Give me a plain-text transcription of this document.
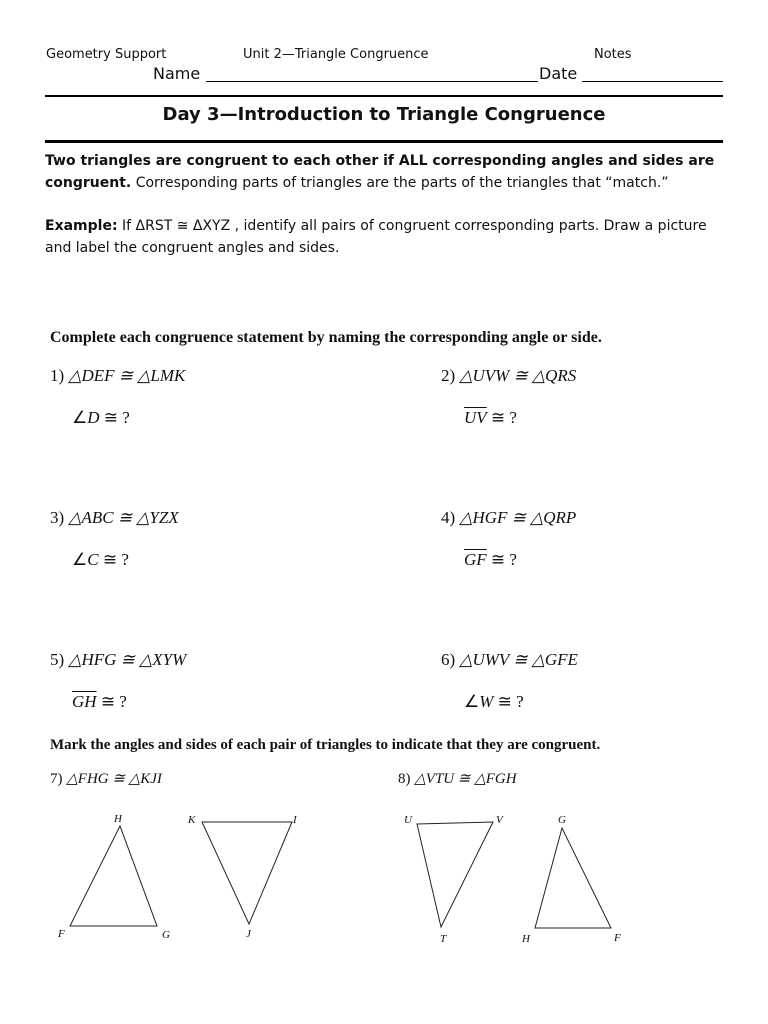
Geometry Support	Unit 2—Triangle Congruence	Notes
Name	Date
Day 3—Introduction to Triangle Congruence
Two triangles are congruent to each other if ALL corresponding angles and sides are congruent. Corresponding parts of triangles are the parts of the triangles that “match.”
Example: If ΔRST ≅ ΔXYZ , identify all pairs of congruent corresponding parts. Draw a picture and label the congruent angles and sides.
Complete each congruence statement by naming the corresponding angle or side.
1) △DEF ≅ △LMK
∠D ≅ ?
2) △UVW ≅ △QRS
$\overline{UV}$ ≅ ?
3) △ABC ≅ △YZX
∠C ≅ ?
4) △HGF ≅ △QRP
$\overline{GF}$ ≅ ?
5) △HFG ≅ △XYW
$\overline{GH}$ ≅ ?
6) △UWV ≅ △GFE
∠W ≅ ?
Mark the angles and sides of each pair of triangles to indicate that they are congruent.
7) △FHG ≅ △KJI	8) △VTU ≅ △FGH
H
F	G
K	I
J
U	V
T
G
H	F
